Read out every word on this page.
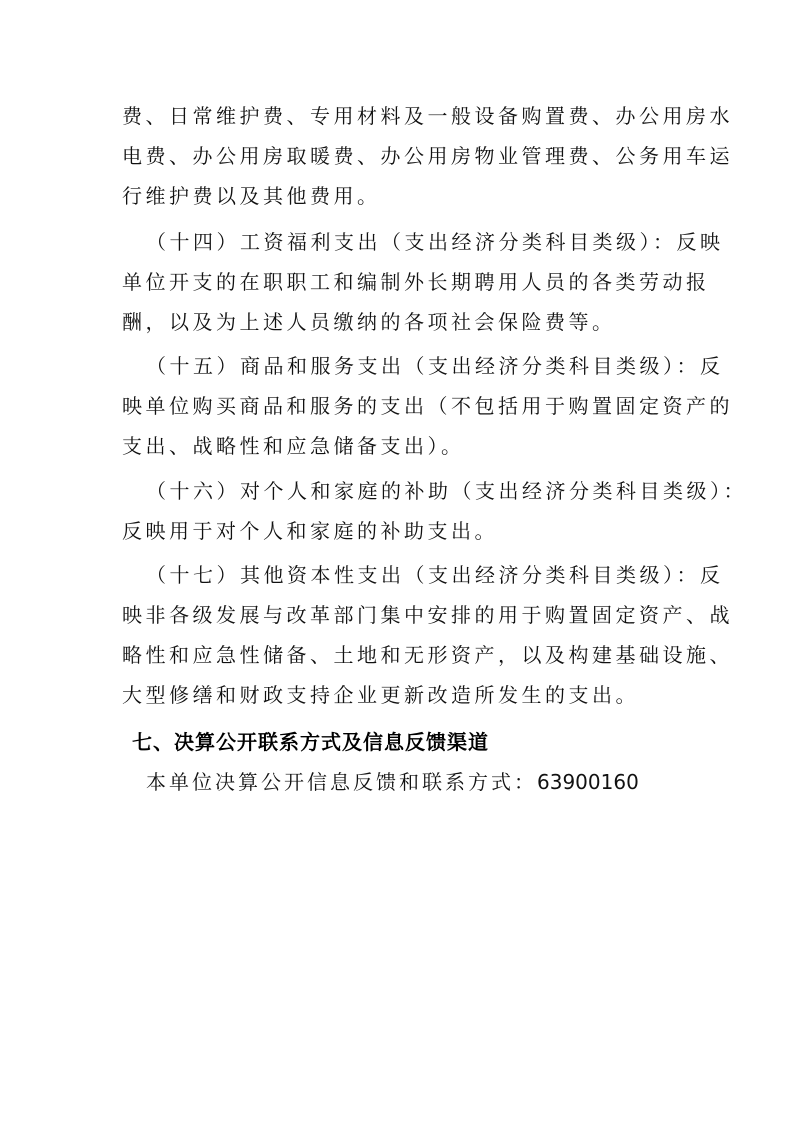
费、日常维护费、专用材料及一般设备购置费、办公用房水
电费、办公用房取暖费、办公用房物业管理费、公务用车运
行维护费以及其他费用。
（十四）工资福利支出（支出经济分类科目类级）：反映
单位开支的在职职工和编制外长期聘用人员的各类劳动报
酬，以及为上述人员缴纳的各项社会保险费等。
（十五）商品和服务支出（支出经济分类科目类级）：反
映单位购买商品和服务的支出（不包括用于购置固定资产的
支出、战略性和应急储备支出）。
（十六）对个人和家庭的补助（支出经济分类科目类级）：
反映用于对个人和家庭的补助支出。
（十七）其他资本性支出（支出经济分类科目类级）：反
映非各级发展与改革部门集中安排的用于购置固定资产、战
略性和应急性储备、土地和无形资产，以及构建基础设施、
大型修缮和财政支持企业更新改造所发生的支出。
七、决算公开联系方式及信息反馈渠道
本单位决算公开信息反馈和联系方式：63900160
